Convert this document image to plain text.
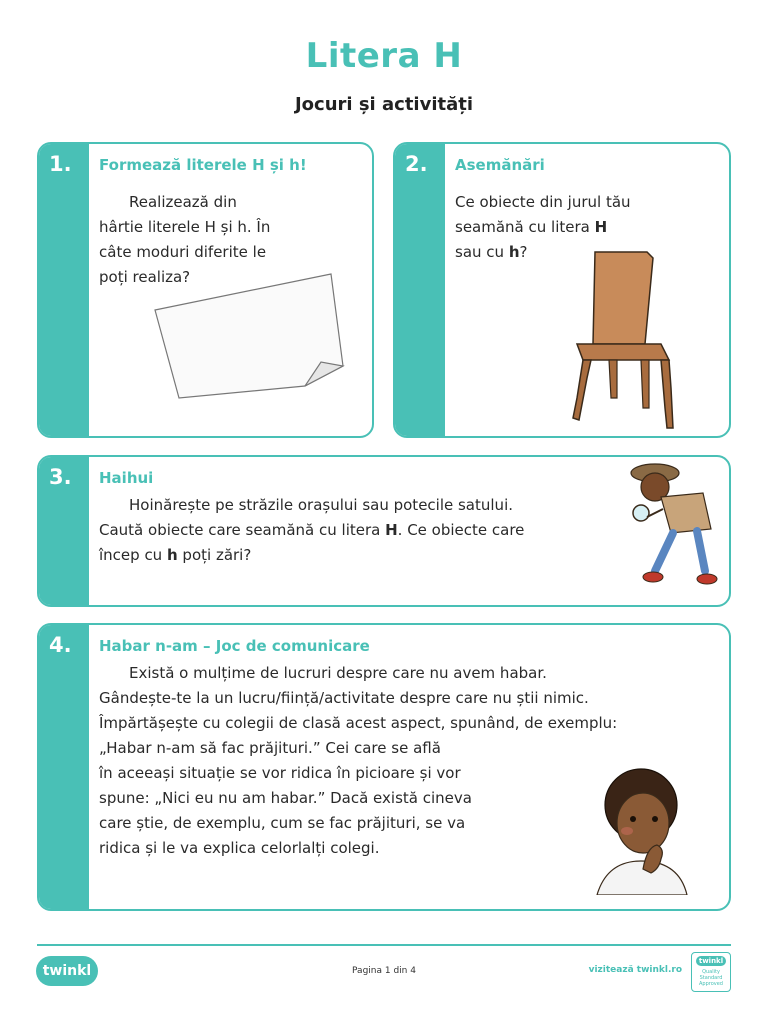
Litera H
Jocuri și activități
1. Formează literele H și h!
Realizează din
hârtie literele H și h. În
câte moduri diferite le
poți realiza?
2. Asemănări
Ce obiecte din jurul tău
seamănă cu litera H
sau cu h?
3. Haihui
Hoinărește pe străzile orașului sau potecile satului.
Caută obiecte care seamănă cu litera H. Ce obiecte care
încep cu h poți zări?
4. Habar n-am – Joc de comunicare
Există o mulțime de lucruri despre care nu avem habar.
Gândește-te la un lucru/ființă/activitate despre care nu știi nimic.
Împărtășește cu colegii de clasă acest aspect, spunând, de exemplu:
„Habar n-am să fac prăjituri.” Cei care se află
în aceeași situație se vor ridica în picioare și vor
spune: „Nici eu nu am habar.” Dacă există cineva
care știe, de exemplu, cum se fac prăjituri, se va
ridica și le va explica celorlalți colegi.
twinkl	Pagina 1 din 4	vizitează twinkl.ro
twinkl
Quality Standard Approved
